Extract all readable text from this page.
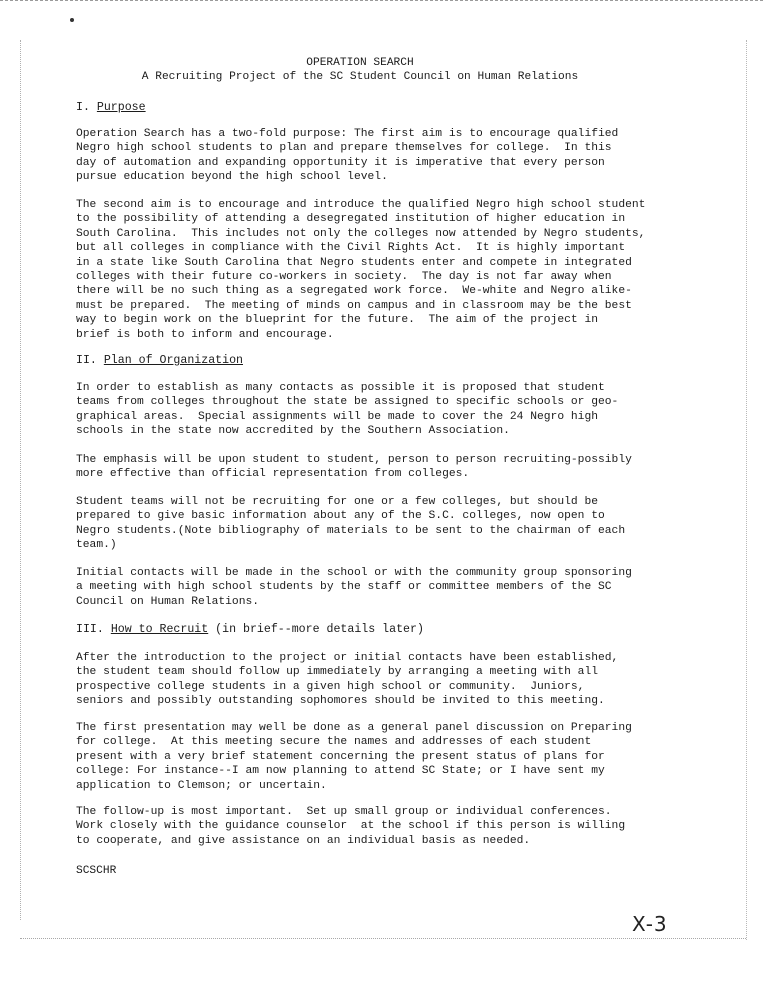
OPERATION SEARCH
A Recruiting Project of the SC Student Council on Human Relations
I. Purpose
Operation Search has a two-fold purpose: The first aim is to encourage qualified
Negro high school students to plan and prepare themselves for college.  In this
day of automation and expanding opportunity it is imperative that every person
pursue education beyond the high school level.
The second aim is to encourage and introduce the qualified Negro high school student
to the possibility of attending a desegregated institution of higher education in
South Carolina.  This includes not only the colleges now attended by Negro students,
but all colleges in compliance with the Civil Rights Act.  It is highly important
in a state like South Carolina that Negro students enter and compete in integrated
colleges with their future co-workers in society.  The day is not far away when
there will be no such thing as a segregated work force.  We-white and Negro alike-
must be prepared.  The meeting of minds on campus and in classroom may be the best
way to begin work on the blueprint for the future.  The aim of the project in
brief is both to inform and encourage.
II. Plan of Organization
In order to establish as many contacts as possible it is proposed that student
teams from colleges throughout the state be assigned to specific schools or geo-
graphical areas.  Special assignments will be made to cover the 24 Negro high
schools in the state now accredited by the Southern Association.
The emphasis will be upon student to student, person to person recruiting-possibly
more effective than official representation from colleges.
Student teams will not be recruiting for one or a few colleges, but should be
prepared to give basic information about any of the S.C. colleges, now open to
Negro students.(Note bibliography of materials to be sent to the chairman of each
team.)
Initial contacts will be made in the school or with the community group sponsoring
a meeting with high school students by the staff or committee members of the SC
Council on Human Relations.
III. How to Recruit (in brief--more details later)
After the introduction to the project or initial contacts have been established,
the student team should follow up immediately by arranging a meeting with all
prospective college students in a given high school or community.  Juniors,
seniors and possibly outstanding sophomores should be invited to this meeting.
The first presentation may well be done as a general panel discussion on Preparing
for college.  At this meeting secure the names and addresses of each student
present with a very brief statement concerning the present status of plans for
college: For instance--I am now planning to attend SC State; or I have sent my
application to Clemson; or uncertain.
The follow-up is most important.  Set up small group or individual conferences.
Work closely with the guidance counselor  at the school if this person is willing
to cooperate, and give assistance on an individual basis as needed.
SCSCHR
X-3
